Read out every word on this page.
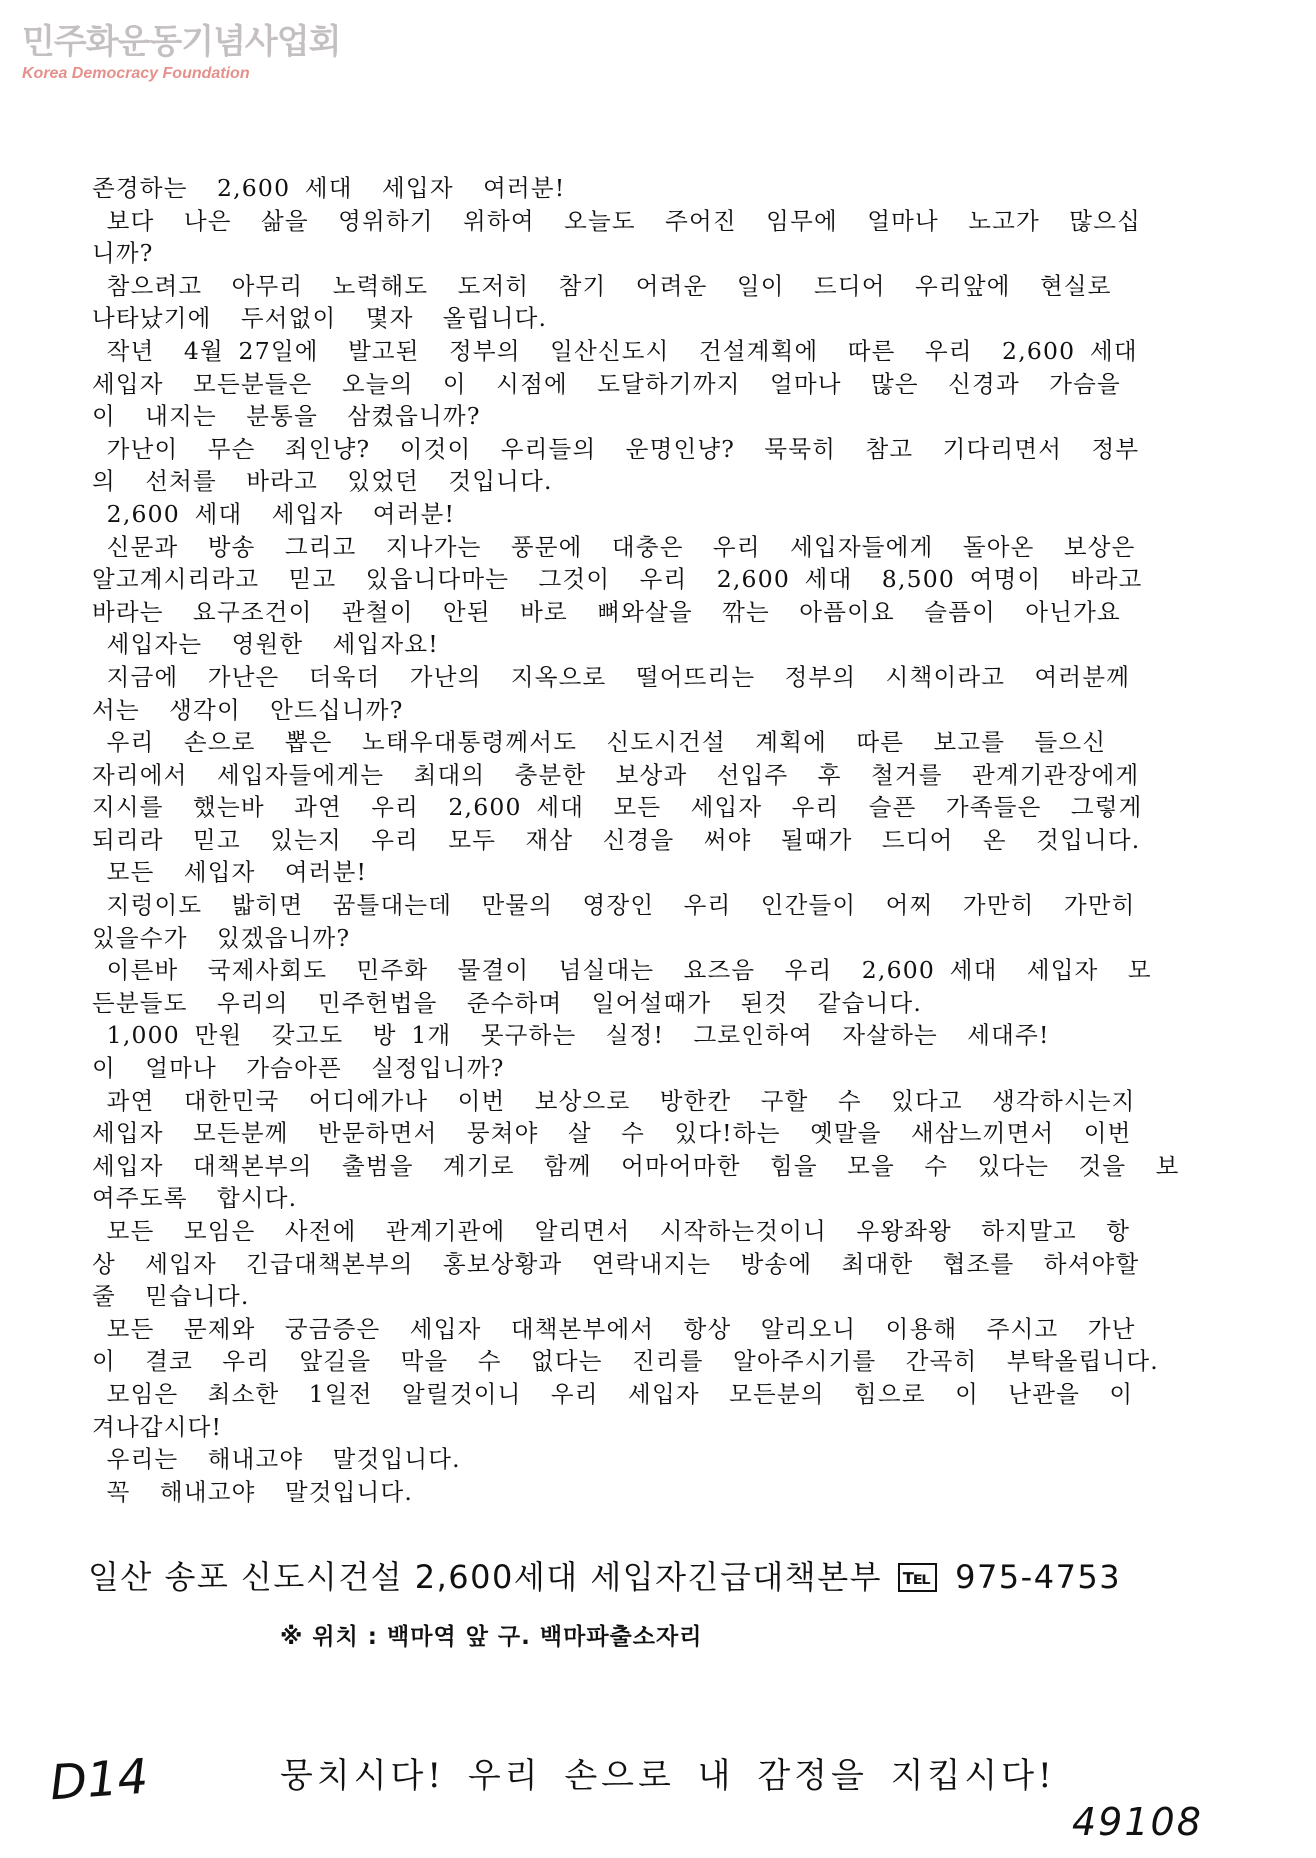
민주화운동기념사업회
Korea Democracy Foundation

존경하는  2,600 세대  세입자  여러분!

보다  나은  삶을  영위하기  위하여  오늘도  주어진  임무에  얼마나  노고가  많으십

니까?

참으려고  아무리  노력해도  도저히  참기  어려운  일이  드디어  우리앞에  현실로

나타났기에  두서없이  몇자  올립니다.

작년  4월 27일에  발고된  정부의  일산신도시  건설계획에  따른  우리  2,600 세대

세입자  모든분들은  오늘의  이  시점에  도달하기까지  얼마나  많은  신경과  가슴을

이  내지는  분통을  삼켰읍니까?

가난이  무슨  죄인냥?  이것이  우리들의  운명인냥?  묵묵히  참고  기다리면서  정부

의  선처를  바라고  있었던  것입니다.

2,600 세대  세입자  여러분!

신문과  방송  그리고  지나가는  풍문에  대충은  우리  세입자들에게  돌아온  보상은

알고계시리라고  믿고  있읍니다마는  그것이  우리  2,600 세대  8,500 여명이  바라고

바라는  요구조건이  관철이  안된  바로  뼈와살을  깎는  아픔이요  슬픔이  아닌가요

세입자는  영원한  세입자요!

지금에  가난은  더욱더  가난의  지옥으로  떨어뜨리는  정부의  시책이라고  여러분께

서는  생각이  안드십니까?

우리  손으로  뽑은  노태우대통령께서도  신도시건설  계획에  따른  보고를  들으신

자리에서  세입자들에게는  최대의  충분한  보상과  선입주  후  철거를  관계기관장에게

지시를  했는바  과연  우리  2,600 세대  모든  세입자  우리  슬픈  가족들은  그렇게

되리라  믿고  있는지  우리  모두  재삼  신경을  써야  될때가  드디어  온  것입니다.

모든  세입자  여러분!

지렁이도  밟히면  꿈틀대는데  만물의  영장인  우리  인간들이  어찌  가만히  가만히

있을수가  있겠읍니까?

이른바  국제사회도  민주화  물결이  넘실대는  요즈음  우리  2,600 세대  세입자  모

든분들도  우리의  민주헌법을  준수하며  일어설때가  된것  같습니다.

1,000 만원  갖고도  방 1개  못구하는  실정!  그로인하여  자살하는  세대주!

이  얼마나  가슴아픈  실정입니까?

과연  대한민국  어디에가나  이번  보상으로  방한칸  구할  수  있다고  생각하시는지

세입자  모든분께  반문하면서  뭉쳐야  살  수  있다!하는  옛말을  새삼느끼면서  이번

세입자  대책본부의  출범을  계기로  함께  어마어마한  힘을  모을  수  있다는  것을  보

여주도록  합시다.

모든  모임은  사전에  관계기관에  알리면서  시작하는것이니  우왕좌왕  하지말고  항

상  세입자  긴급대책본부의  홍보상황과  연락내지는  방송에  최대한  협조를  하셔야할

줄  믿습니다.

모든  문제와  궁금증은  세입자  대책본부에서  항상  알리오니  이용해  주시고  가난

이  결코  우리  앞길을  막을  수  없다는  진리를  알아주시기를  간곡히  부탁올립니다.

모임은  최소한  1일전  알릴것이니  우리  세입자  모든분의  힘으로  이  난관을  이

겨나갑시다!

우리는  해내고야  말것입니다.

꼭  해내고야  말것입니다.

일산 송포 신도시건설 2,600세대 세입자긴급대책본부 ℡ 975-4753
※ 위치 : 백마역 앞 구. 백마파출소자리
D14	뭉치시다! 우리 손으로 내 감정을 지킵시다!
49108
